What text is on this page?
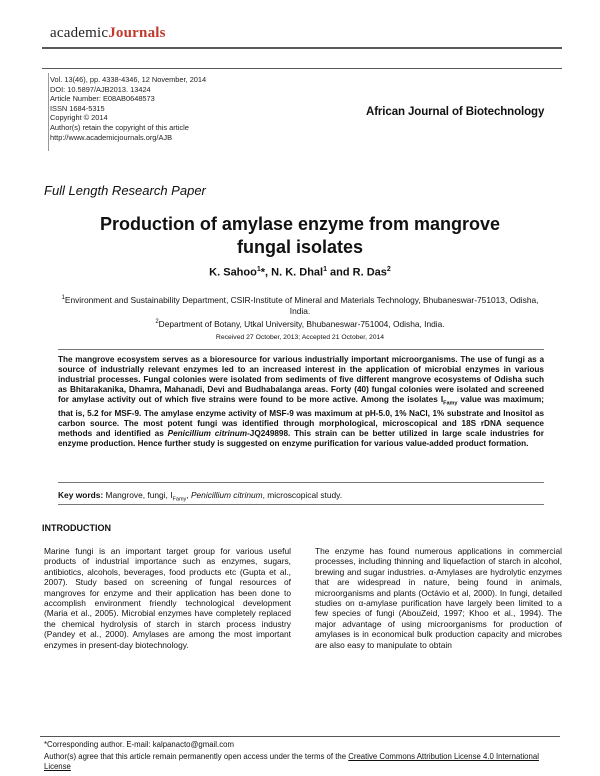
academicJournals
Vol. 13(46), pp. 4338-4346, 12 November, 2014
DOI: 10.5897/AJB2013. 13424
Article Number: E08AB0648573
ISSN 1684-5315
Copyright © 2014
Author(s) retain the copyright of this article
http://www.academicjournals.org/AJB
African Journal of Biotechnology
Full Length Research Paper
Production of amylase enzyme from mangrove
fungal isolates
K. Sahoo$^1$*, N. K. Dhal$^1$ and R. Das$^2$
$^1$Environment and Sustainability Department, CSIR-Institute of Mineral and Materials Technology, Bhubaneswar-751013, Odisha, India.
$^2$Department of Botany, Utkal University, Bhubaneswar-751004, Odisha, India.
Received 27 October, 2013; Accepted 21 October, 2014
The mangrove ecosystem serves as a bioresource for various industrially important microorganisms. The use of fungi as a source of industrially relevant enzymes led to an increased interest in the application of microbial enzymes in various industrial processes. Fungal colonies were isolated from sediments of five different mangrove ecosystems of Odisha such as Bhitarakanika, Dhamra, Mahanadi, Devi and Budhabalanga areas. Forty (40) fungal colonies were isolated and screened for amylase activity out of which five strains were found to be more active. Among the isolates $I_{Famy}$ value was maximum; that is, 5.2 for MSF-9. The amylase enzyme activity of MSF-9 was maximum at pH-5.0, 1% NaCl, 1% substrate and Inositol as carbon source. The most potent fungi was identified through morphological, microscopical and 18S rDNA sequence methods and identified as Penicillium citrinum-JQ249898. This strain can be better utilized in large scale industries for enzyme production. Hence further study is suggested on enzyme purification for various value-added product formation.
Key words: Mangrove, fungi, $I_{Famy}$, Penicillium citrinum, microscopical study.
INTRODUCTION
Marine fungi is an important target group for various useful products of industrial importance such as enzymes, sugars, antibiotics, alcohols, beverages, food products etc (Gupta et al., 2007). Study based on screening of fungal resources of mangroves for enzyme and their application has been done to accomplish environment friendly technological development (Maria et al., 2005). Microbial enzymes have completely replaced the chemical hydrolysis of starch in starch process industry (Pandey et al., 2000). Amylases are among the most important enzymes in present-day biotechnology.
The enzyme has found numerous applications in commercial processes, including thinning and liquefaction of starch in alcohol, brewing and sugar industries. α-Amylases are hydrolytic enzymes that are widespread in nature, being found in animals, microorganisms and plants (Octávio et al, 2000). In fungi, detailed studies on α-amylase purification have largely been limited to a few species of fungi (AbouZeid, 1997; Khoo et al., 1994). The major advantage of using microorganisms for production of amylases is in economical bulk production capacity and microbes are also easy to manipulate to obtain
*Corresponding author. E-mail: kalpanacto@gmail.com
Author(s) agree that this article remain permanently open access under the terms of the Creative Commons Attribution License 4.0 International License
